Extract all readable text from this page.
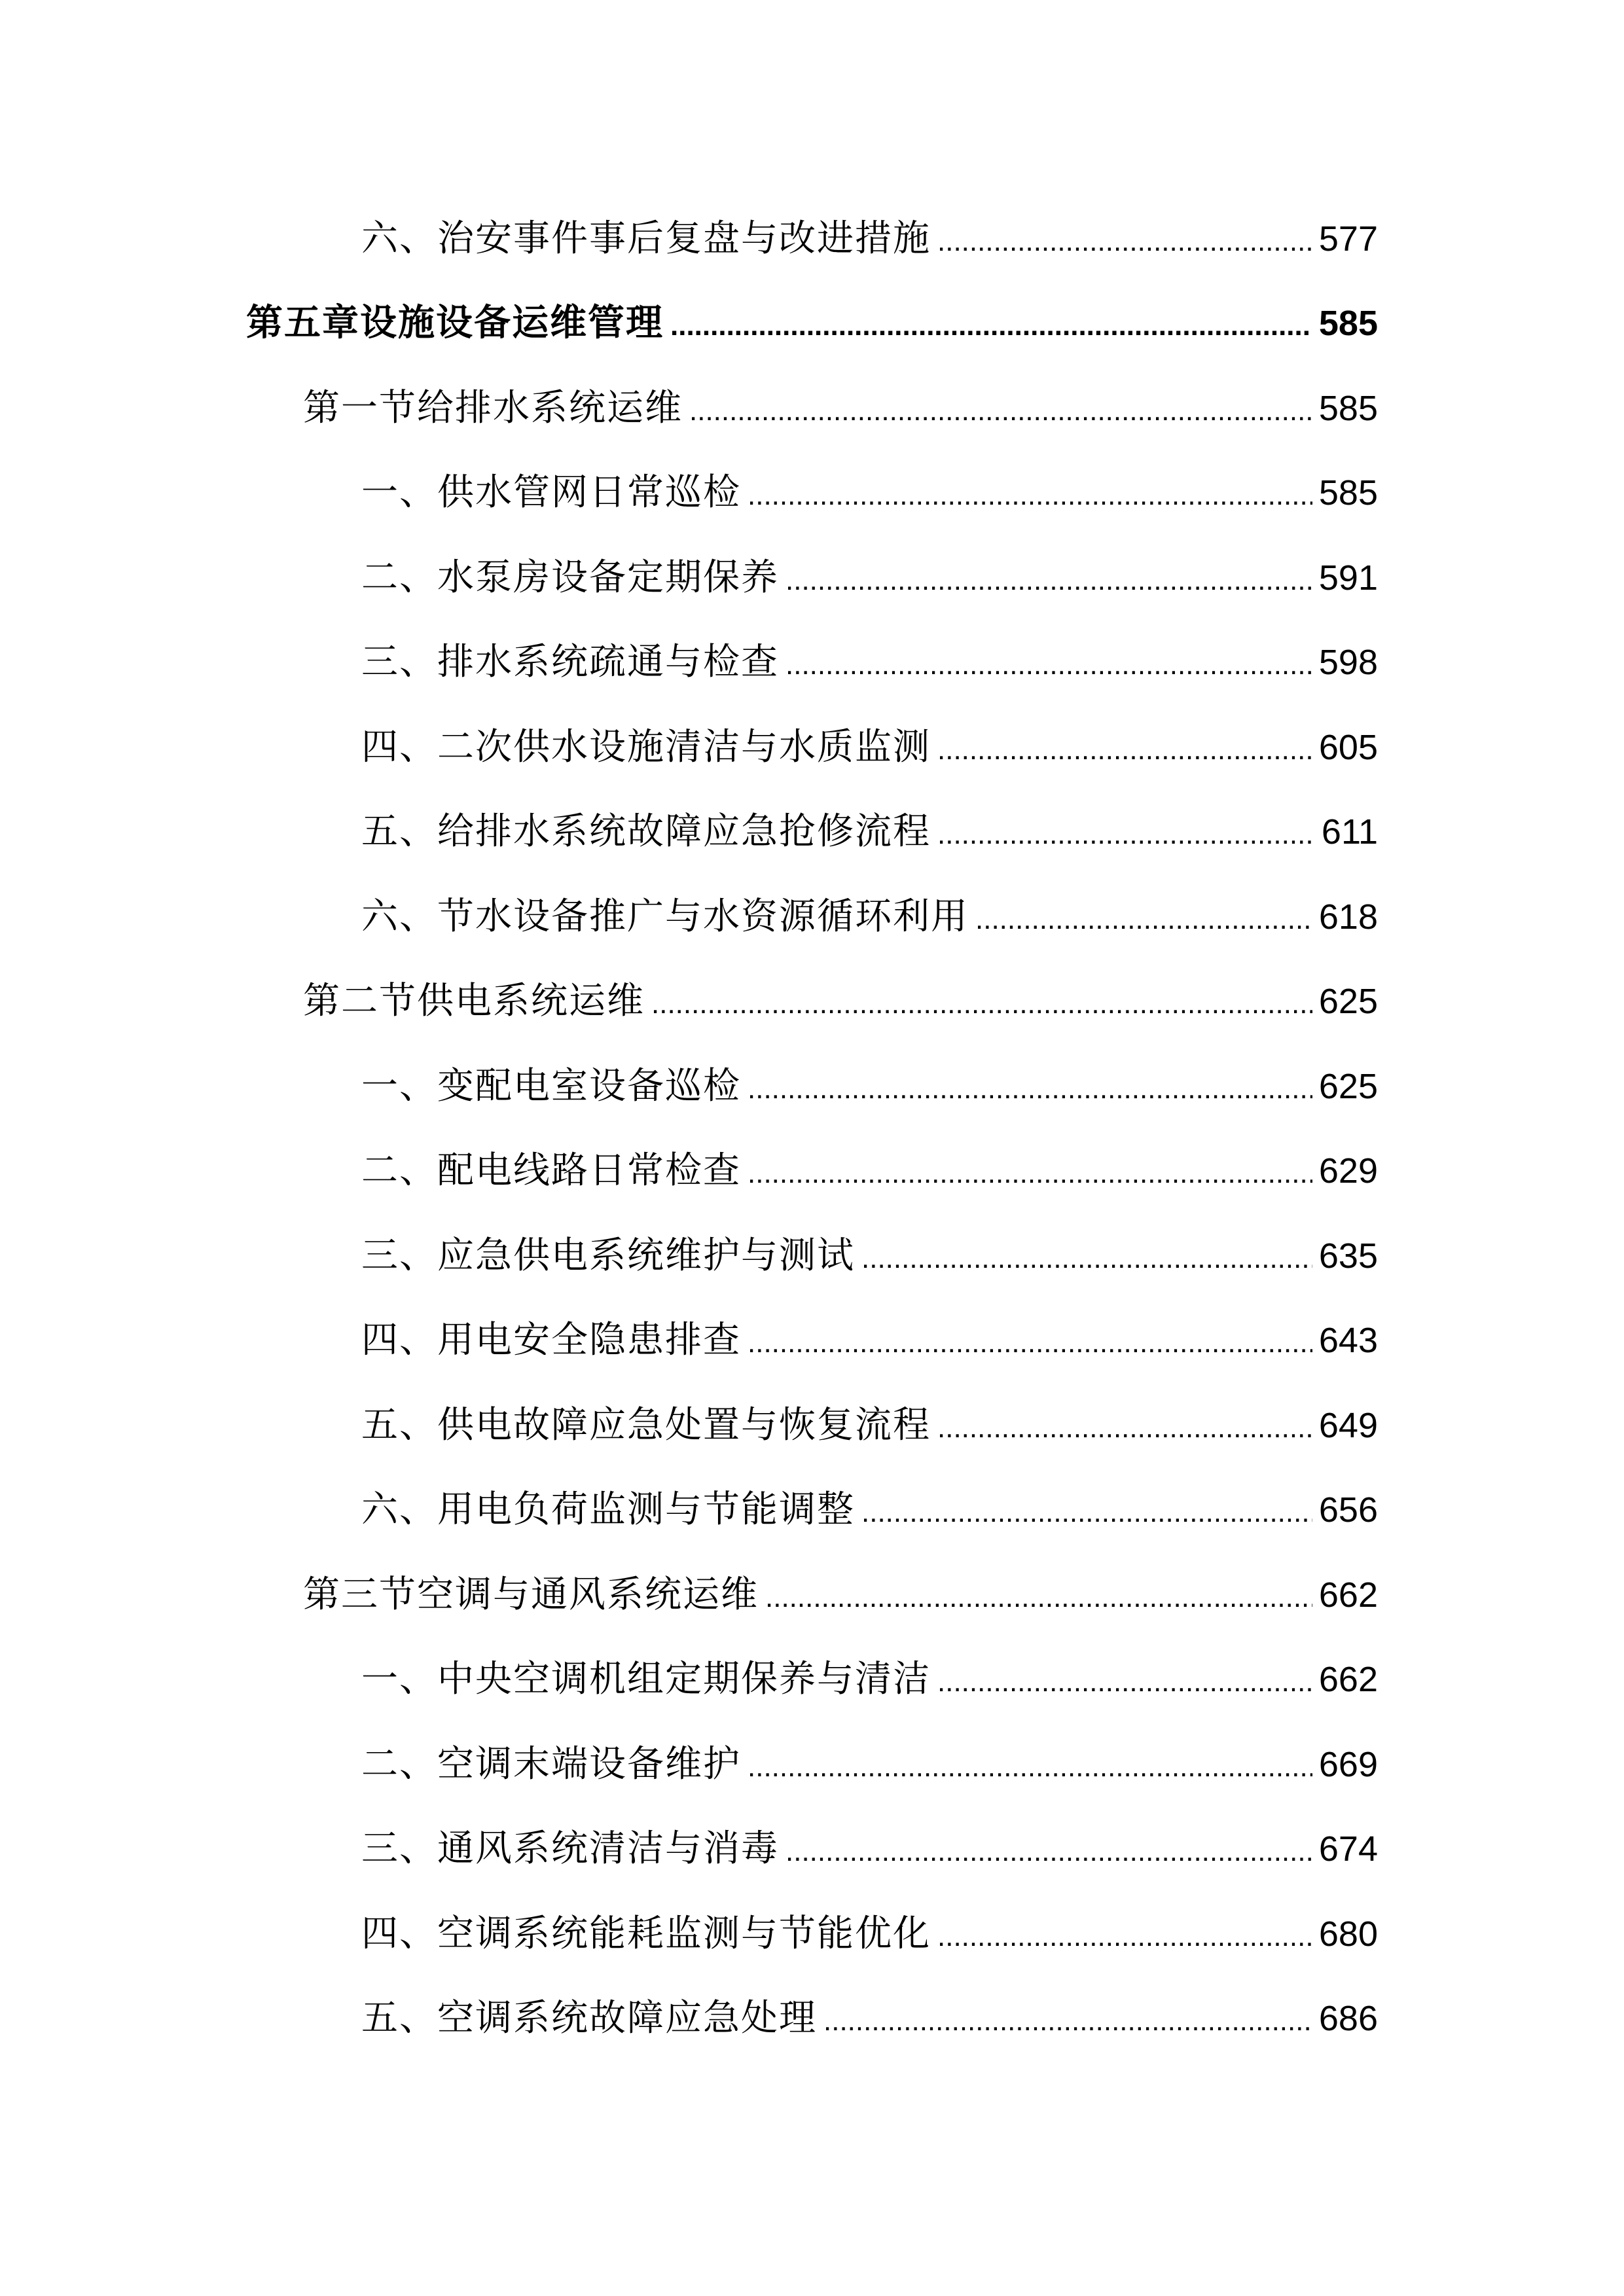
六、治安事件事后复盘与改进措施 .....	577
第五章设施设备运维管理 .....	585
第一节给排水系统运维 .....	585
一、供水管网日常巡检 .....	585
二、水泵房设备定期保养 .....	591
三、排水系统疏通与检查 .....	598
四、二次供水设施清洁与水质监测 .....	605
五、给排水系统故障应急抢修流程 .....	611
六、节水设备推广与水资源循环利用 .....	618
第二节供电系统运维 .....	625
一、变配电室设备巡检 .....	625
二、配电线路日常检查 .....	629
三、应急供电系统维护与测试 .....	635
四、用电安全隐患排查 .....	643
五、供电故障应急处置与恢复流程 .....	649
六、用电负荷监测与节能调整 .....	656
第三节空调与通风系统运维 .....	662
一、中央空调机组定期保养与清洁 .....	662
二、空调末端设备维护 .....	669
三、通风系统清洁与消毒 .....	674
四、空调系统能耗监测与节能优化 .....	680
五、空调系统故障应急处理 .....	686
